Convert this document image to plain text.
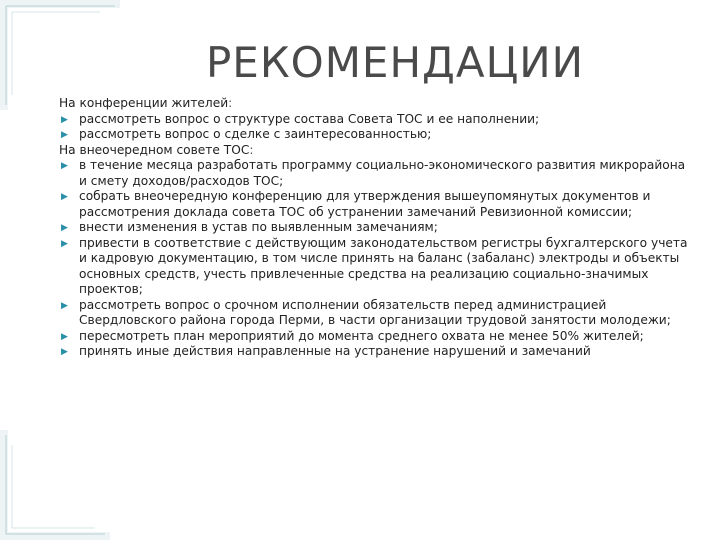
РЕКОМЕНДАЦИИ
На конференции жителей:
▶ рассмотреть вопрос о структуре состава Совета ТОС и ее наполнении;
▶ рассмотреть вопрос о сделке с заинтересованностью;
На внеочередном совете ТОС:
▶ в течение месяца разработать программу социально-экономического развития микрорайона и смету доходов/расходов ТОС;
▶ собрать внеочередную конференцию для утверждения вышеупомянутых документов и рассмотрения доклада совета ТОС об устранении замечаний Ревизионной комиссии;
▶ внести изменения в устав по выявленным замечаниям;
▶ привести в соответствие с действующим законодательством регистры бухгалтерского учета и кадровую документацию, в том числе принять на баланс (забаланс) электроды и объекты основных средств, учесть привлеченные средства на реализацию социально-значимых проектов;
▶ рассмотреть вопрос о срочном исполнении обязательств перед администрацией Свердловского района города Перми, в части организации трудовой занятости молодежи;
▶ пересмотреть план мероприятий до момента среднего охвата не менее 50% жителей;
▶ принять иные действия направленные на устранение нарушений и замечаний
